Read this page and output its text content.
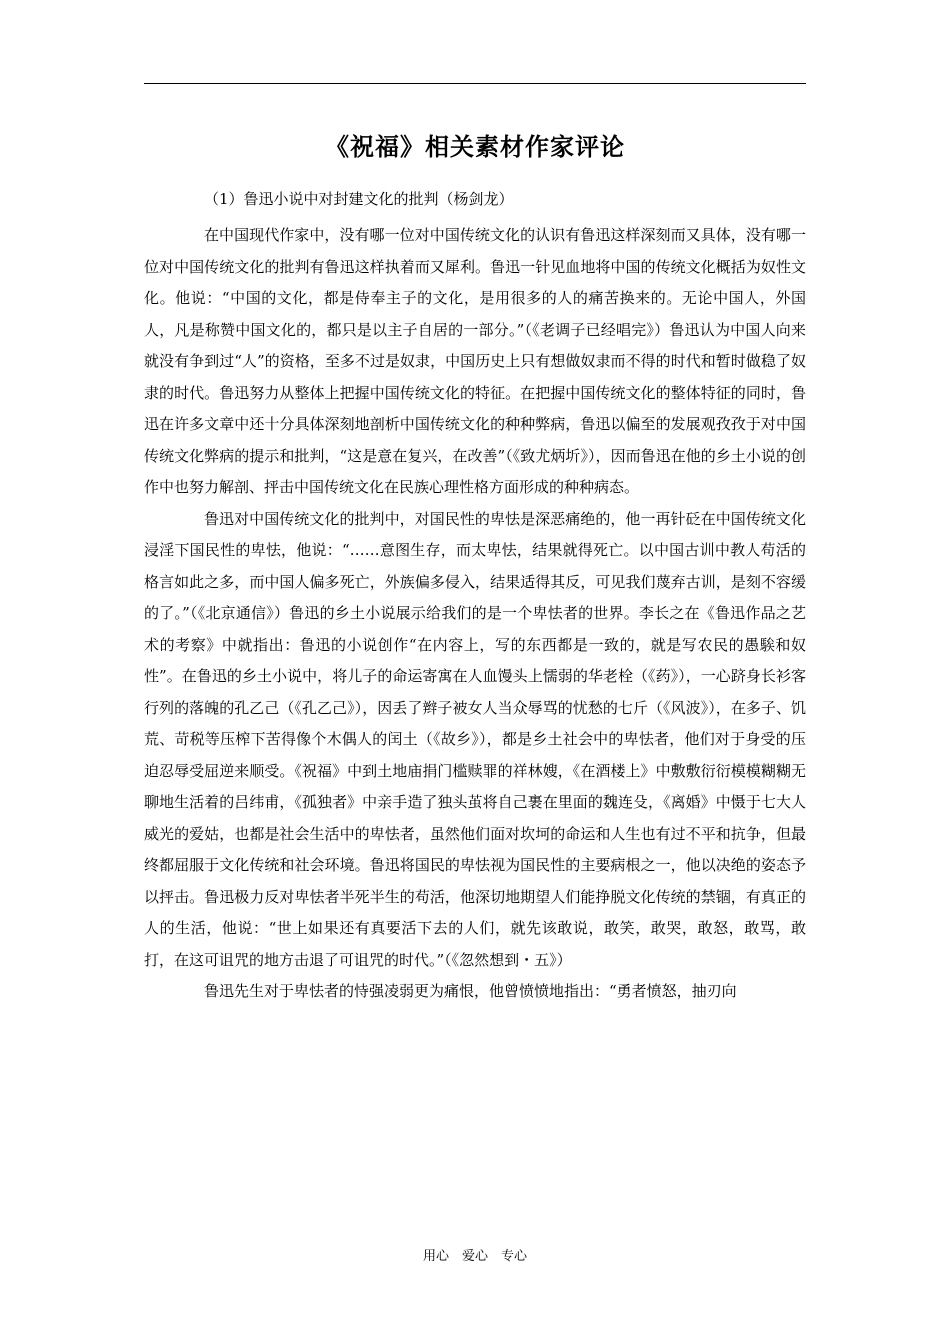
《祝福》相关素材作家评论

（1）鲁迅小说中对封建文化的批判（杨剑龙）

在中国现代作家中，没有哪一位对中国传统文化的认识有鲁迅这样深刻而又具体，没有哪一位对中国传统文化的批判有鲁迅这样执着而又犀利。鲁迅一针见血地将中国的传统文化概括为奴性文化。他说：“中国的文化，都是侍奉主子的文化，是用很多的人的痛苦换来的。无论中国人，外国人，凡是称赞中国文化的，都只是以主子自居的一部分。”（《老调子已经唱完》）鲁迅认为中国人向来就没有争到过“人”的资格，至多不过是奴隶，中国历史上只有想做奴隶而不得的时代和暂时做稳了奴隶的时代。鲁迅努力从整体上把握中国传统文化的特征。在把握中国传统文化的整体特征的同时，鲁迅在许多文章中还十分具体深刻地剖析中国传统文化的种种弊病，鲁迅以偏至的发展观孜孜于对中国传统文化弊病的提示和批判，“这是意在复兴，在改善”（《致尤炳圻》），因而鲁迅在他的乡土小说的创作中也努力解剖、抨击中国传统文化在民族心理性格方面形成的种种病态。

鲁迅对中国传统文化的批判中，对国民性的卑怯是深恶痛绝的，他一再针砭在中国传统文化浸淫下国民性的卑怯，他说：“……意图生存，而太卑怯，结果就得死亡。以中国古训中教人苟活的格言如此之多，而中国人偏多死亡，外族偏多侵入，结果适得其反，可见我们蔑弃古训，是刻不容缓的了。”（《北京通信》）鲁迅的乡土小说展示给我们的是一个卑怯者的世界。李长之在《鲁迅作品之艺术的考察》中就指出：鲁迅的小说创作“在内容上，写的东西都是一致的，就是写农民的愚騃和奴性”。在鲁迅的乡土小说中，将儿子的命运寄寓在人血馒头上懦弱的华老栓（《药》），一心跻身长衫客行列的落魄的孔乙己（《孔乙己》），因丢了辫子被女人当众辱骂的忧愁的七斤（《风波》），在多子、饥荒、苛税等压榨下苦得像个木偶人的闰土（《故乡》），都是乡土社会中的卑怯者，他们对于身受的压迫忍辱受屈逆来顺受。《祝福》中到土地庙捐门槛赎罪的祥林嫂，《在酒楼上》中敷敷衍衍模模糊糊无聊地生活着的吕纬甫，《孤独者》中亲手造了独头茧将自己裹在里面的魏连殳，《离婚》中慑于七大人威光的爱姑，也都是社会生活中的卑怯者，虽然他们面对坎坷的命运和人生也有过不平和抗争，但最终都屈服于文化传统和社会环境。鲁迅将国民的卑怯视为国民性的主要病根之一，他以决绝的姿态予以抨击。鲁迅极力反对卑怯者半死半生的苟活，他深切地期望人们能挣脱文化传统的禁锢，有真正的人的生活，他说：“世上如果还有真要活下去的人们，就先该敢说，敢笑，敢哭，敢怒，敢骂，敢打，在这可诅咒的地方击退了可诅咒的时代。”（《忽然想到・五》）

鲁迅先生对于卑怯者的恃强凌弱更为痛恨，他曾愤愤地指出：“勇者愤怒，抽刃向

用心　爱心　专心
